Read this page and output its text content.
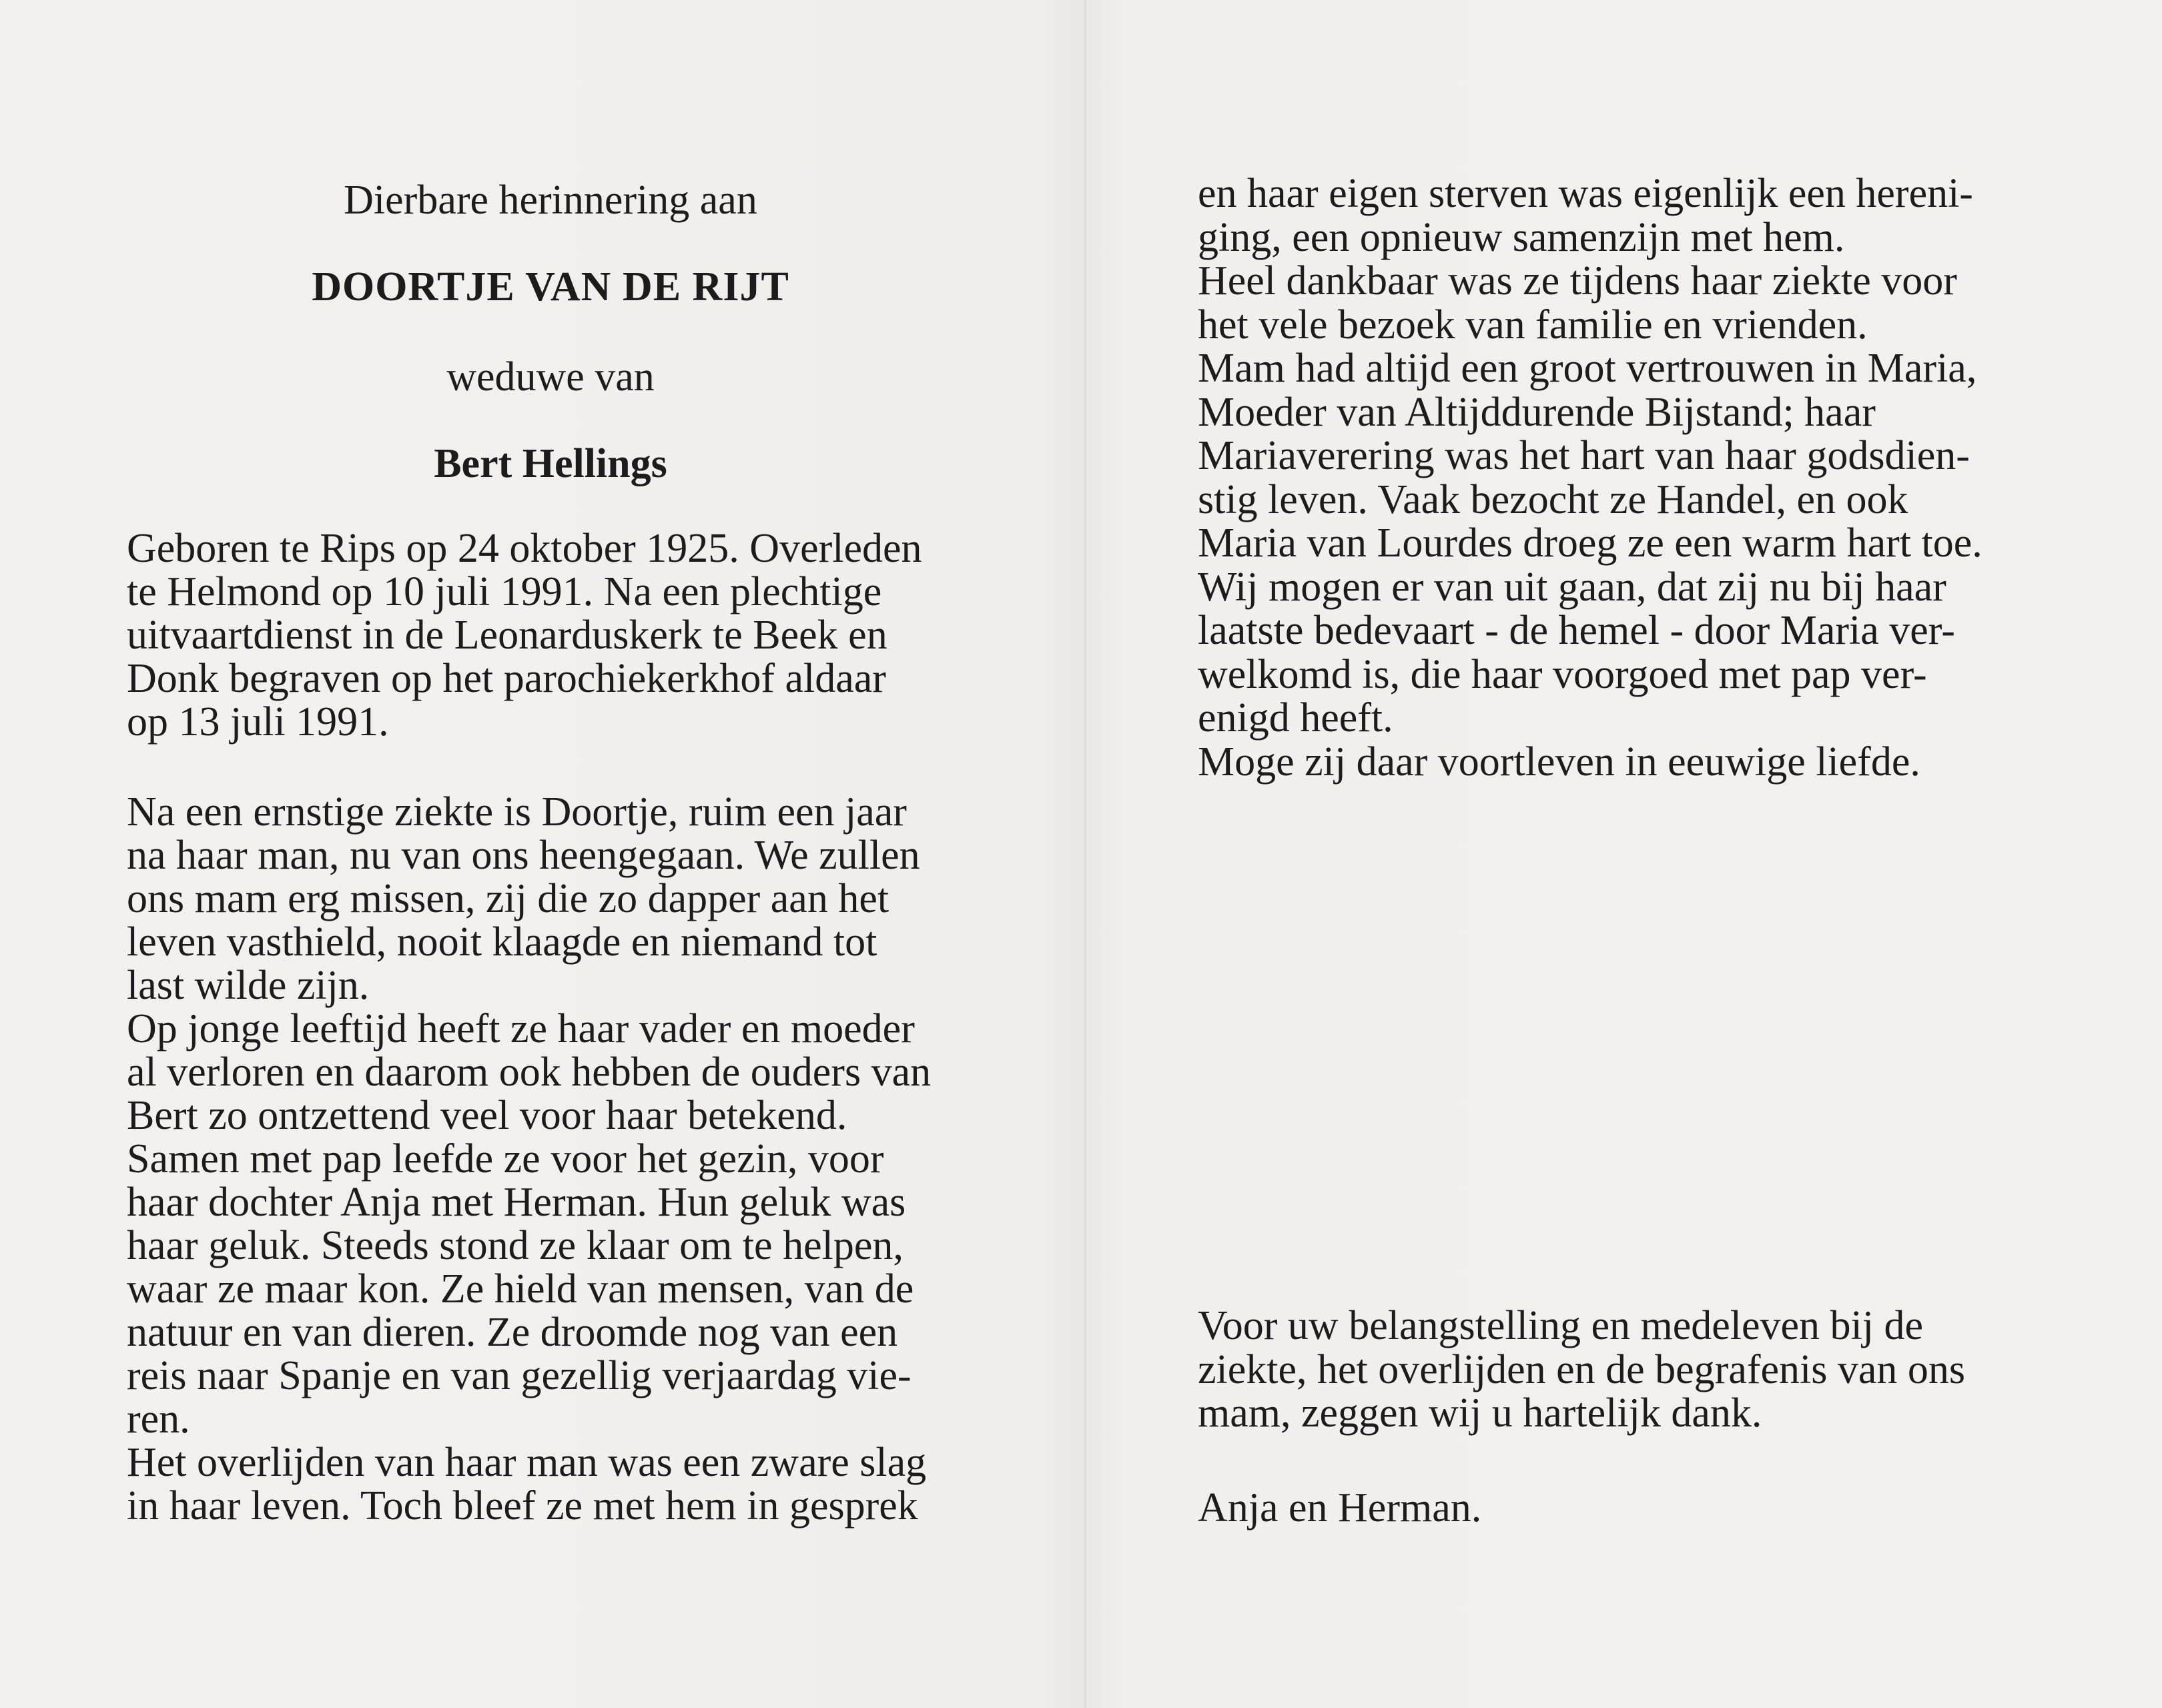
Dierbare herinnering aan
DOORTJE VAN DE RIJT
weduwe van
Bert Hellings
Geboren te Rips op 24 oktober 1925. Overleden
te Helmond op 10 juli 1991. Na een plechtige
uitvaartdienst in de Leonarduskerk te Beek en
Donk begraven op het parochiekerkhof aldaar
op 13 juli 1991.
Na een ernstige ziekte is Doortje, ruim een jaar
na haar man, nu van ons heengegaan. We zullen
ons mam erg missen, zij die zo dapper aan het
leven vasthield, nooit klaagde en niemand tot
last wilde zijn.
Op jonge leeftijd heeft ze haar vader en moeder
al verloren en daarom ook hebben de ouders van
Bert zo ontzettend veel voor haar betekend.
Samen met pap leefde ze voor het gezin, voor
haar dochter Anja met Herman. Hun geluk was
haar geluk. Steeds stond ze klaar om te helpen,
waar ze maar kon. Ze hield van mensen, van de
natuur en van dieren. Ze droomde nog van een
reis naar Spanje en van gezellig verjaardag vie-
ren.
Het overlijden van haar man was een zware slag
in haar leven. Toch bleef ze met hem in gesprek
en haar eigen sterven was eigenlijk een hereni-
ging, een opnieuw samenzijn met hem.
Heel dankbaar was ze tijdens haar ziekte voor
het vele bezoek van familie en vrienden.
Mam had altijd een groot vertrouwen in Maria,
Moeder van Altijddurende Bijstand; haar
Mariaverering was het hart van haar godsdien-
stig leven. Vaak bezocht ze Handel, en ook
Maria van Lourdes droeg ze een warm hart toe.
Wij mogen er van uit gaan, dat zij nu bij haar
laatste bedevaart - de hemel - door Maria ver-
welkomd is, die haar voorgoed met pap ver-
enigd heeft.
Moge zij daar voortleven in eeuwige liefde.
Voor uw belangstelling en medeleven bij de
ziekte, het overlijden en de begrafenis van ons
mam, zeggen wij u hartelijk dank.
Anja en Herman.
